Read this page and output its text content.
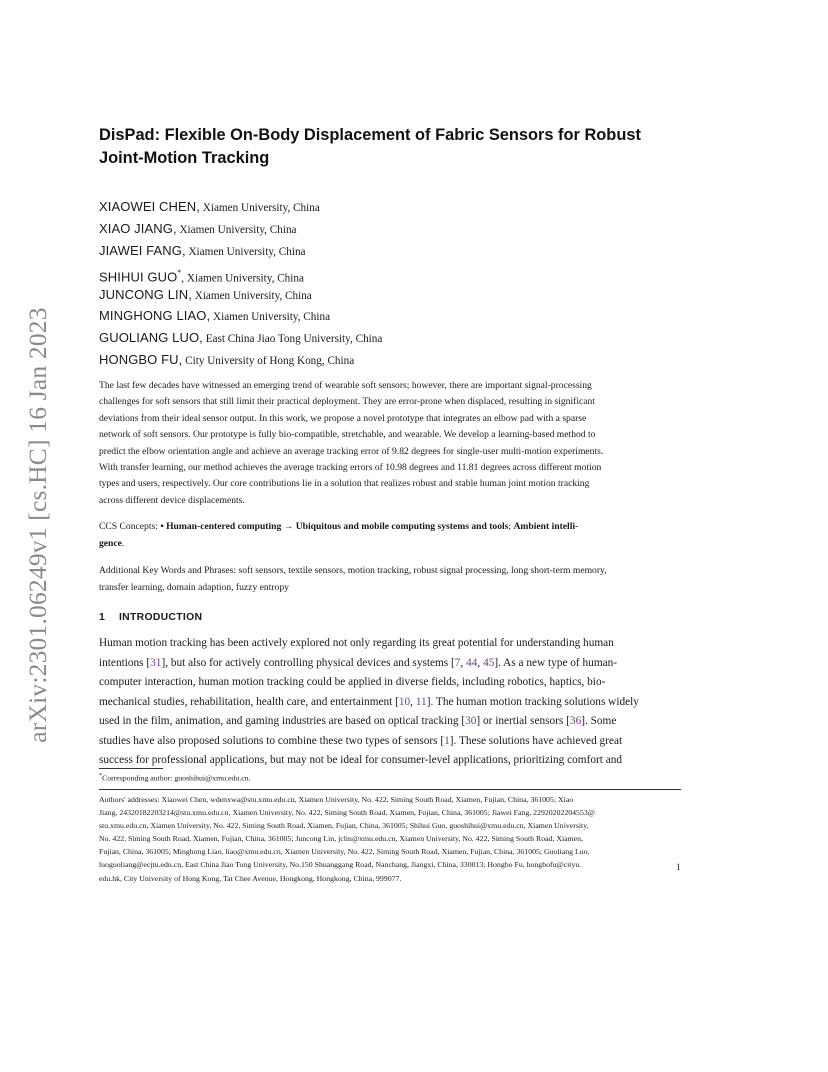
arXiv:2301.06249v1 [cs.HC] 16 Jan 2023
DisPad: Flexible On-Body Displacement of Fabric Sensors for Robust
Joint-Motion Tracking
XIAOWEI CHEN, Xiamen University, China
XIAO JIANG, Xiamen University, China
JIAWEI FANG, Xiamen University, China
SHIHUI GUO*, Xiamen University, China
JUNCONG LIN, Xiamen University, China
MINGHONG LIAO, Xiamen University, China
GUOLIANG LUO, East China Jiao Tong University, China
HONGBO FU, City University of Hong Kong, China
The last few decades have witnessed an emerging trend of wearable soft sensors; however, there are important signal-processing
challenges for soft sensors that still limit their practical deployment. They are error-prone when displaced, resulting in significant
deviations from their ideal sensor output. In this work, we propose a novel prototype that integrates an elbow pad with a sparse
network of soft sensors. Our prototype is fully bio-compatible, stretchable, and wearable. We develop a learning-based method to
predict the elbow orientation angle and achieve an average tracking error of 9.82 degrees for single-user multi-motion experiments.
With transfer learning, our method achieves the average tracking errors of 10.98 degrees and 11.81 degrees across different motion
types and users, respectively. Our core contributions lie in a solution that realizes robust and stable human joint motion tracking
across different device displacements.
CCS Concepts: • Human-centered computing → Ubiquitous and mobile computing systems and tools; Ambient intelli-
gence.
Additional Key Words and Phrases: soft sensors, textile sensors, motion tracking, robust signal processing, long short-term memory,
transfer learning, domain adaption, fuzzy entropy
1 INTRODUCTION
Human motion tracking has been actively explored not only regarding its great potential for understanding human
intentions [31], but also for actively controlling physical devices and systems [7, 44, 45]. As a new type of human-
computer interaction, human motion tracking could be applied in diverse fields, including robotics, haptics, bio-
mechanical studies, rehabilitation, health care, and entertainment [10, 11]. The human motion tracking solutions widely
used in the film, animation, and gaming industries are based on optical tracking [30] or inertial sensors [36]. Some
studies have also proposed solutions to combine these two types of sensors [1]. These solutions have achieved great
success for professional applications, but may not be ideal for consumer-level applications, prioritizing comfort and
*Corresponding author: guoshihui@xmu.edu.cn.
Authors' addresses: Xiaowei Chen, wdenxwa@stu.xmu.edu.cn, Xiamen University, No. 422, Siming South Road, Xiamen, Fujian, China, 361005; Xiao
Jiang, 24320182203214@stu.xmu.edu.cn, Xiamen University, No. 422, Siming South Road, Xiamen, Fujian, China, 361005; Jiawei Fang, 22920202204553@
stu.xmu.edu.cn, Xiamen University, No. 422, Siming South Road, Xiamen, Fujian, China, 361005; Shihui Guo, guoshihui@xmu.edu.cn, Xiamen University,
No. 422, Siming South Road, Xiamen, Fujian, China, 361005; Juncong Lin, jclin@xmu.edu.cn, Xiamen University, No. 422, Siming South Road, Xiamen,
Fujian, China, 361005; Minghong Liao, liao@xmu.edu.cn, Xiamen University, No. 422, Siming South Road, Xiamen, Fujian, China, 361005; Guoliang Luo,
luoguoliang@ecjtu.edu.cn, East China Jiao Tong University, No.150 Shuanggang Road, Nanchang, Jiangxi, China, 330013; Hongbo Fu, hongbofu@cityu.
edu.hk, City University of Hong Kong, Tat Chee Avenue, Hongkong, Hongkong, China, 999077.
1
